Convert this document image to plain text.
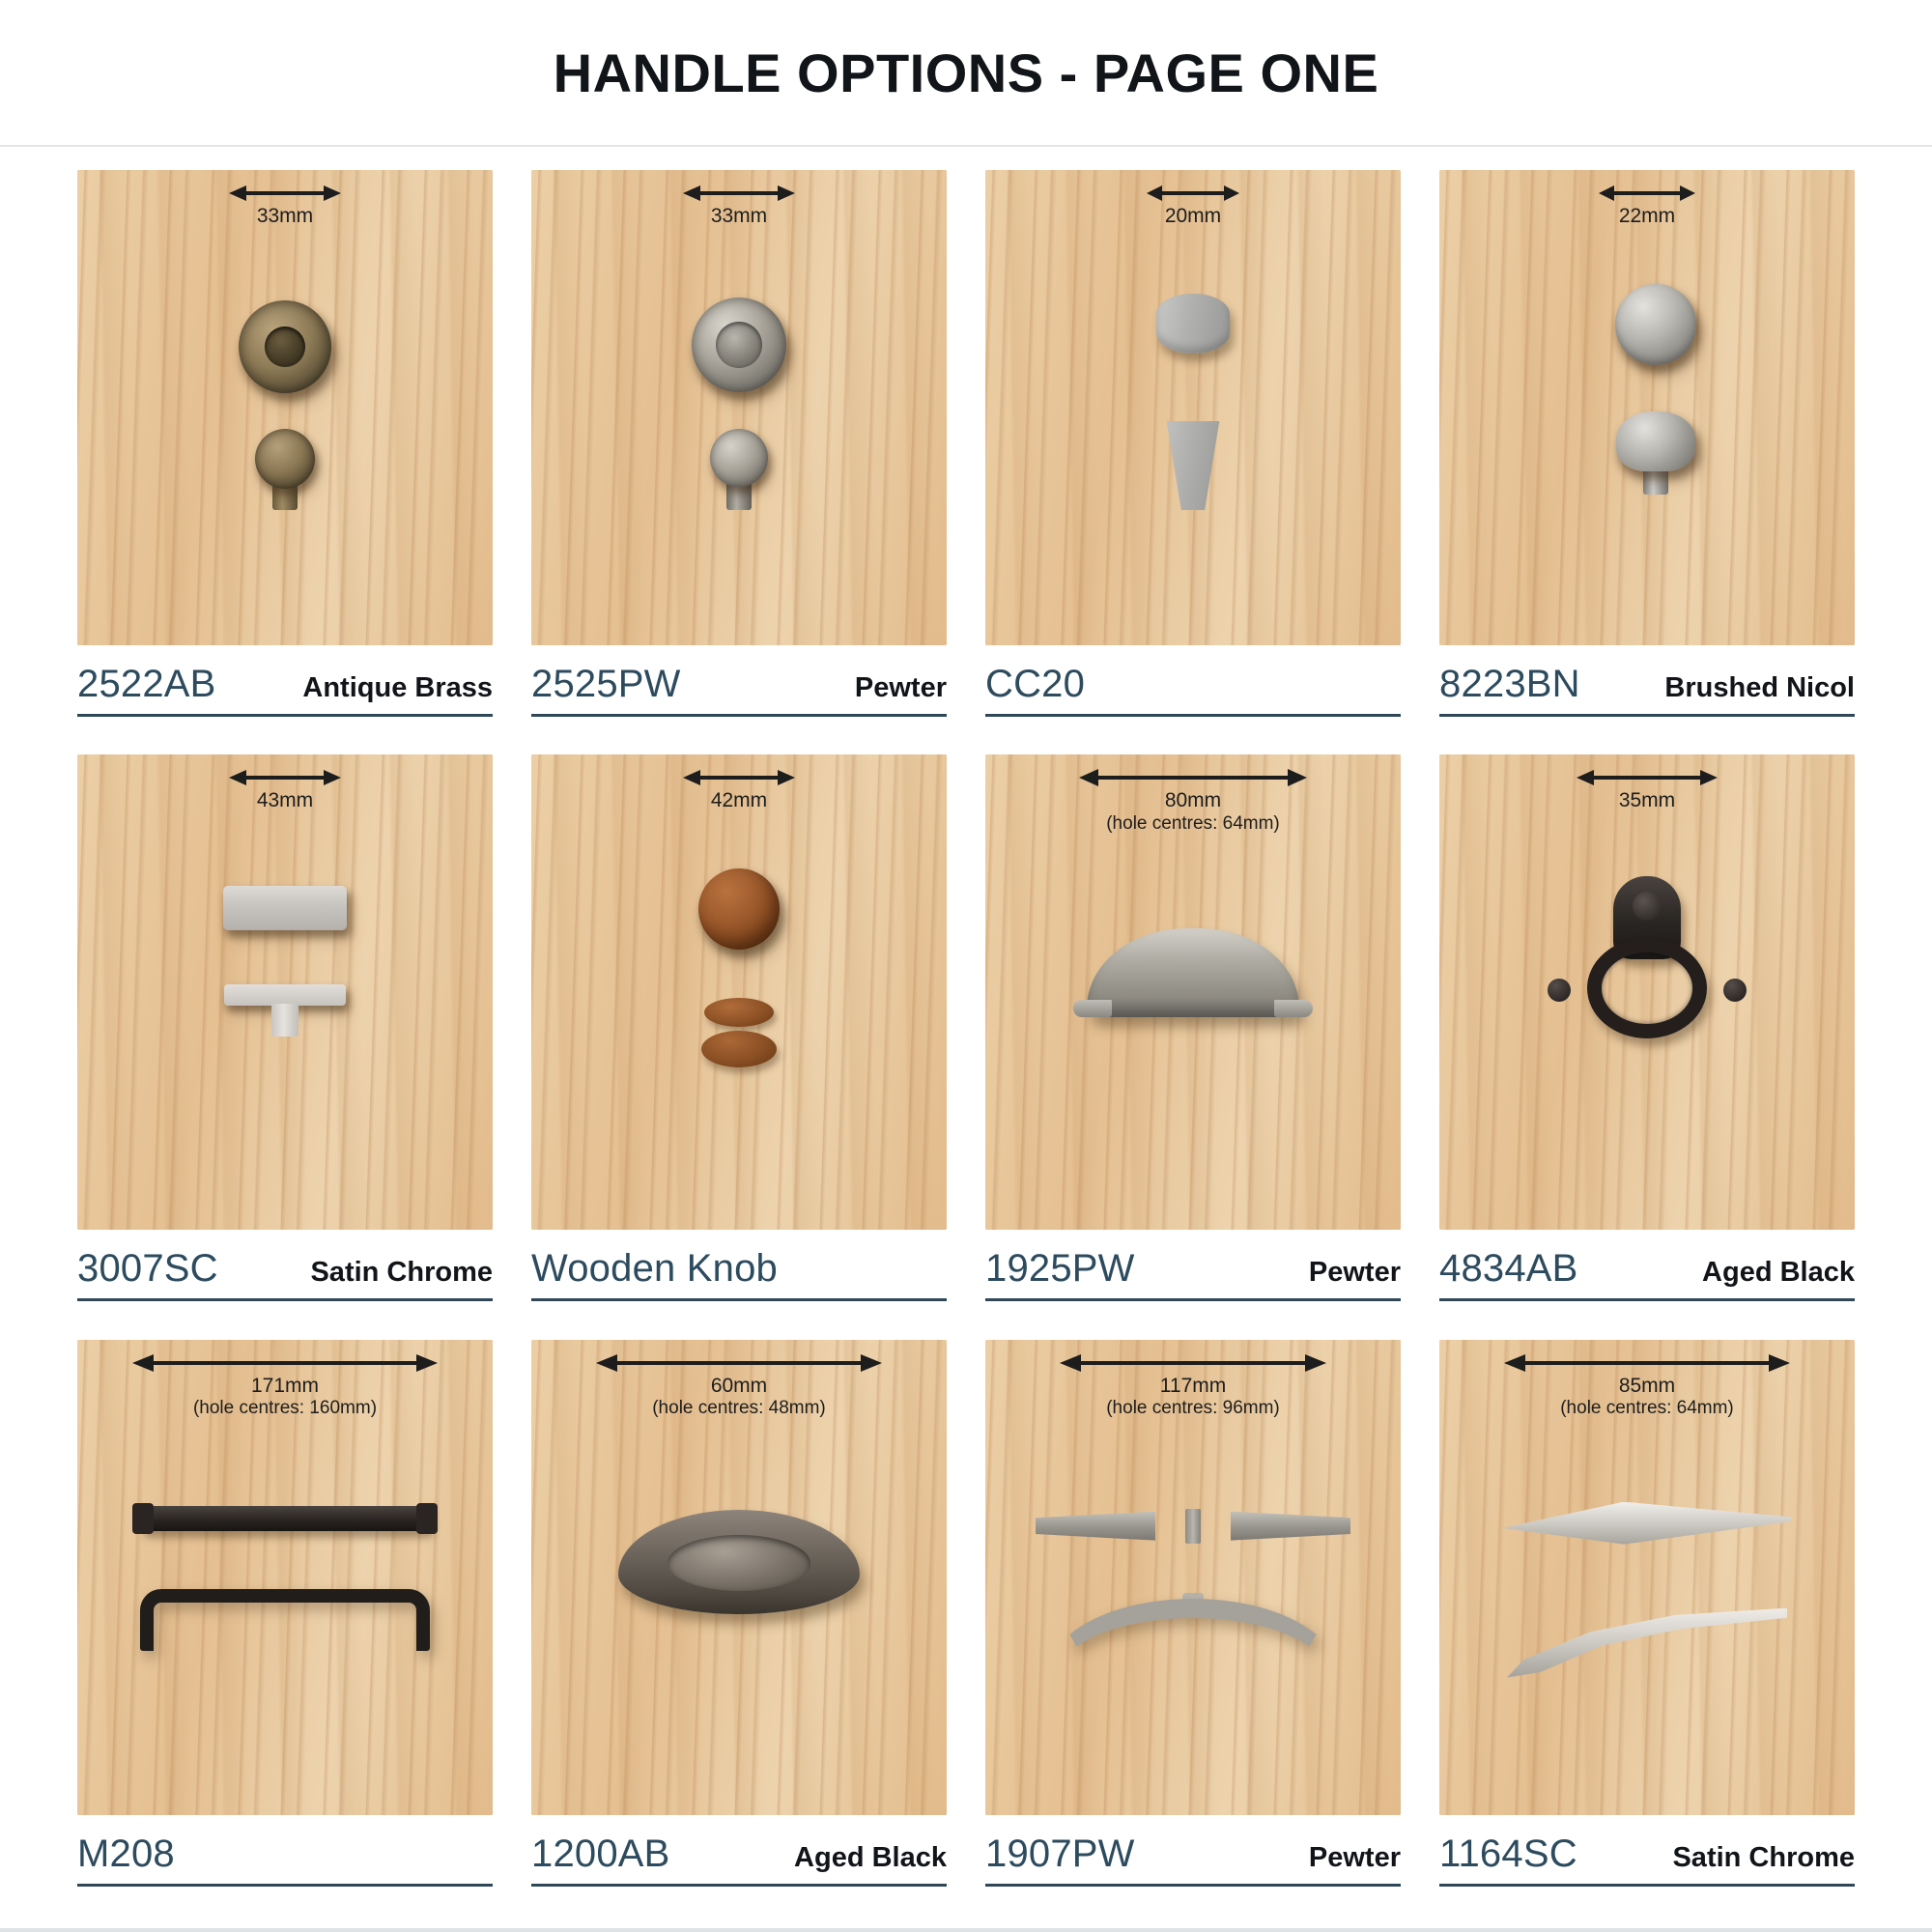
HANDLE OPTIONS - PAGE ONE
33mm
2522AB	Antique Brass
33mm
2525PW	Pewter
20mm
CC20
22mm
8223BN	Brushed Nicol
43mm
3007SC	Satin Chrome
42mm
Wooden Knob
80mm
(hole centres: 64mm)
1925PW	Pewter
35mm
4834AB	Aged Black
171mm
(hole centres: 160mm)
M208
60mm
(hole centres: 48mm)
1200AB	Aged Black
117mm
(hole centres: 96mm)
1907PW	Pewter
85mm
(hole centres: 64mm)
1164SC	Satin Chrome
